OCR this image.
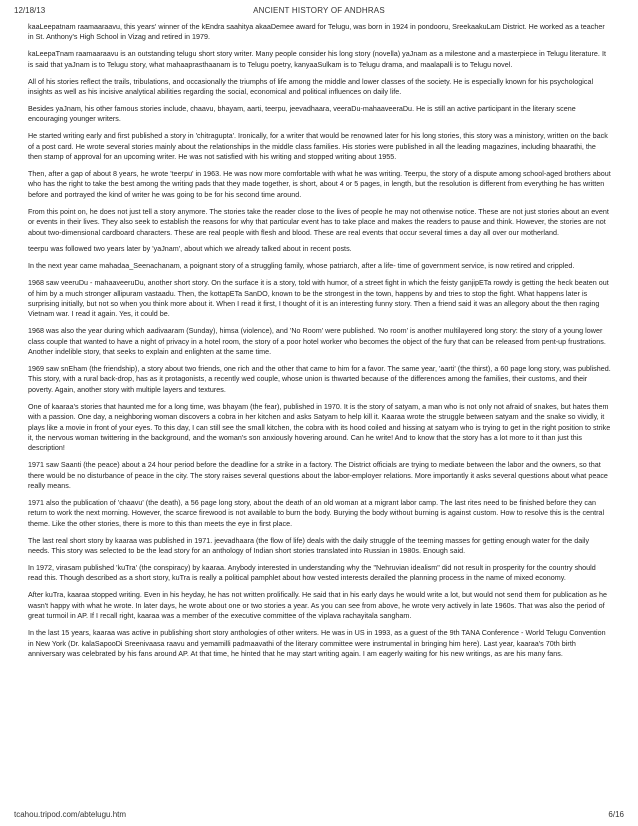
12/18/13	ANCIENT HISTORY OF ANDHRAS

kaaLeepatnam raamaaraavu, this years' winner of the kEndra saahitya akaaDemee award for Telugu, was born in 1924 in pondooru, SreekaakuLam District. He worked as a teacher in St. Anthony's High School in Vizag and retired in 1979.

kaLeepaTnam raamaaraavu is an outstanding telugu short story writer. Many people consider his long story (novella) yaJnam as a milestone and a masterpiece in Telugu literature. It is said that yaJnam is to Telugu story, what mahaaprasthaanam is to Telugu poetry, kanyaaSulkam is to Telugu drama, and maalapalli is to Telugu novel.

All of his stories reflect the trails, tribulations, and occasionally the triumphs of life among the middle and lower classes of the society. He is especially known for his psychological insights as well as his incisive analytical abilities regarding the social, economical and political influences on daily life.

Besides yaJnam, his other famous stories include, chaavu, bhayam, aarti, teerpu, jeevadhaara, veeraDu-mahaaveeraDu. He is still an active participant in the literary scene encouraging younger writers.

He started writing early and first published a story in 'chitragupta'. Ironically, for a writer that would be renowned later for his long stories, this story was a ministory, written on the back of a post card. He wrote several stories mainly about the relationships in the middle class families. His stories were published in all the leading magazines, including bhaarathi, the then stamp of approval for an upcoming writer. He was not satisfied with his writing and stopped writing about 1955.

Then, after a gap of about 8 years, he wrote 'teerpu' in 1963. He was now more comfortable with what he was writing. Teerpu, the story of a dispute among school-aged brothers about who has the right to take the best among the writing pads that they made together, is short, about 4 or 5 pages, in length, but the resolution is different from everything he has written before and portrayed the kind of writer he was going to be for his second time around.

From this point on, he does not just tell a story anymore. The stories take the reader close to the lives of people he may not otherwise notice. These are not just stories about an event or events in their lives. They also seek to establish the reasons for why that particular event has to take place and makes the readers to pause and think. However, the stories are not about two-dimensional cardboard characters. These are real people with flesh and blood. These are real events that occur several times a day all over our motherland.

teerpu was followed two years later by 'yaJnam', about which we already talked about in recent posts.

In the next year came mahadaa_Seenachanam, a poignant story of a struggling family, whose patriarch, after a life- time of government service, is now retired and crippled.

1968 saw veeruDu - mahaaveeruDu, another short story. On the surface it is a story, told with humor, of a street fight in which the feisty ganjipETa rowdy is getting the heck beaten out of him by a much stronger allipuram vastaadu. Then, the kottapETa SanDO, known to be the strongest in the town, happens by and tries to stop the fight. What happens later is surprising initially, but not so when you think more about it. When I read it first, I thought of it is an interesting funny story. Then a friend said it was an allegory about the then raging Vietnam war. I read it again. Yes, it could be.

1968 was also the year during which aadivaaram (Sunday), himsa (violence), and 'No Room' were published. 'No room' is another multilayered long story: the story of a young lower class couple that wanted to have a night of privacy in a hotel room, the story of a poor hotel worker who becomes the object of the fury that can be released from pent-up frustrations. Another indelible story, that seeks to explain and enlighten at the same time.

1969 saw snEham (the friendship), a story about two friends, one rich and the other that came to him for a favor. The same year, 'aarti' (the thirst), a 60 page long story, was published. This story, with a rural back-drop, has as it protagonists, a recently wed couple, whose union is thwarted because of the differences among the families, their customs, and their poverty. Again, another story with multiple layers and textures.

One of kaaraa's stories that haunted me for a long time, was bhayam (the fear), published in 1970. It is the story of satyam, a man who is not only not afraid of snakes, but hates them with a passion. One day, a neighboring woman discovers a cobra in her kitchen and asks Satyam to help kill it. Kaaraa wrote the struggle between satyam and the snake so vividly, it plays like a movie in front of your eyes. To this day, I can still see the small kitchen, the cobra with its hood coiled and hissing at satyam who is trying to get in the right position to strike it, the nervous woman twittering in the background, and the woman's son anxiously hovering around. Can he write! And to know that the story has a lot more to it than just this description!

1971 saw Saanti (the peace) about a 24 hour period before the deadline for a strike in a factory. The District officials are trying to mediate between the labor and the owners, so that there would be no disturbance of peace in the city. The story raises several questions about the labor-employer relations. More importantly it asks several questions about what peace really means.

1971 also the publication of 'chaavu' (the death), a 56 page long story, about the death of an old woman at a migrant labor camp. The last rites need to be finished before they can return to work the next morning. However, the scarce firewood is not available to burn the body. Burying the body without burning is against custom. How to resolve this is the central theme. Like the other stories, there is more to this than meets the eye in first place.

The last real short story by kaaraa was published in 1971. jeevadhaara (the flow of life) deals with the daily struggle of the teeming masses for getting enough water for the daily needs. This story was selected to be the lead story for an anthology of Indian short stories translated into Russian in 1980s. Enough said.

In 1972, virasam published 'kuTra' (the conspiracy) by kaaraa. Anybody interested in understanding why the "Nehruvian idealism" did not result in prosperity for the country should read this. Though described as a short story, kuTra is really a political pamphlet about how vested interests derailed the planning process in the name of mixed economy.

After kuTra, kaaraa stopped writing. Even in his heyday, he has not written prolifically. He said that in his early days he would write a lot, but would not send them for publication as he wasn't happy with what he wrote. In later days, he wrote about one or two stories a year. As you can see from above, he wrote very actively in late 1960s. That was also the period of great turmoil in AP. If I recall right, kaaraa was a member of the executive committee of the viplava rachayitala sangham.

In the last 15 years, kaaraa was active in publishing short story anthologies of other writers. He was in US in 1993, as a guest of the 9th TANA Conference - World Telugu Convention in New York (Dr. kalaSapooDi Sreenivaasa raavu and yemamilli padmaavathi of the literary committee were instrumental in bringing him here). Last year, kaaraa's 70th birth anniversary was celebrated by his fans around AP. At that time, he hinted that he may start writing again. I am eagerly waiting for his new writings, as are his many fans.

tcahou.tripod.com/abtelugu.htm	6/16
